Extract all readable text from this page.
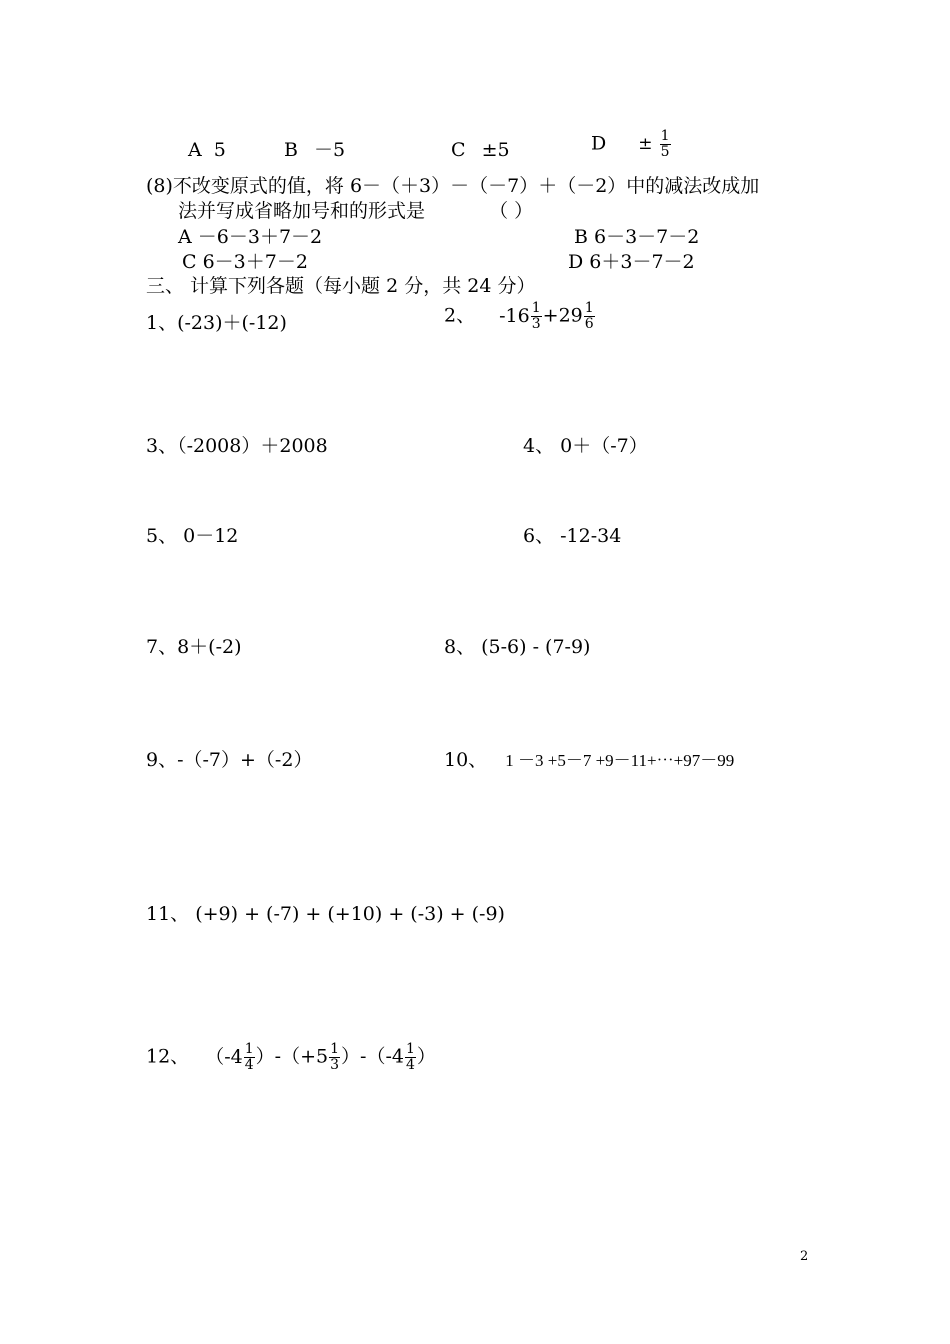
A 5	B －5	C ±5	$D \pm \frac{1}{5}$
(8)不改变原式的值，将 6－（＋3）－（－7）＋（－2）中的减法改成加
法并写成省略加号和的形式是	（ ）
A －6－3＋7－2	B 6－3－7－2
C 6－3＋7－2	D 6＋3－7－2
三、 计算下列各题（每小题 2 分，共 24 分）
1、(-23)＋(-12)	2、 $-16 \frac{1}{3} +29 \frac{1}{6}$
3、（-2008）＋2008	4、 0＋（-7）
5、 0－12	6、 -12-34
7、8＋(-2)	8、 (5-6) - (7-9)
9、-（-7）+（-2）	10、 1 －3 +5－7 +9－11+⋯+97－99
11、 (+9) + (-7) + (+10) + (-3) + (-9)
12、 $(-4 \frac{1}{4} )-(+5 \frac{1}{3} )-(-4 \frac{1}{4}$ ）
2
